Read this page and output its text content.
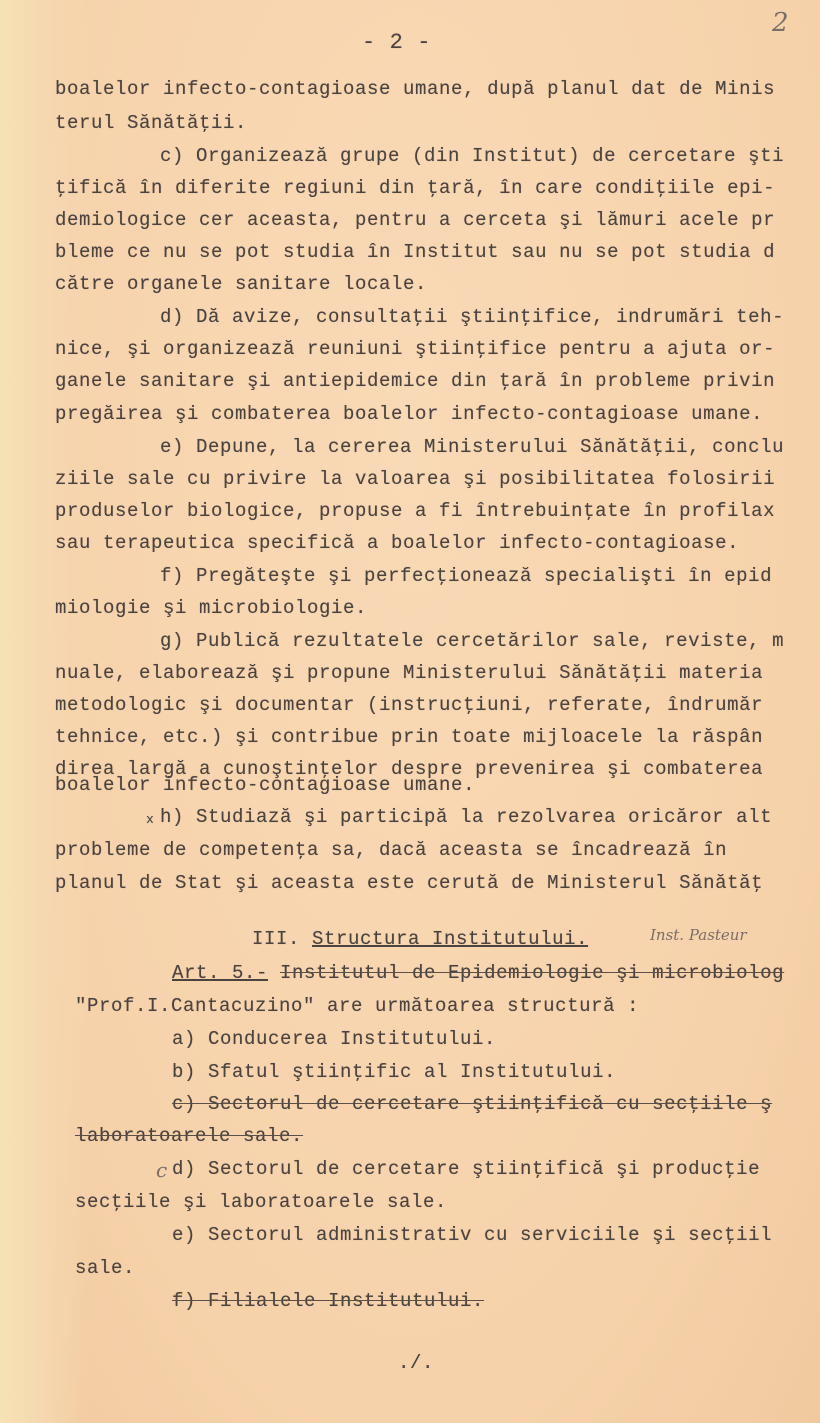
- 2 -
2
boalelor infecto-contagioase umane, după planul dat de Minis
terul Sănătăţii.
c) Organizează grupe (din Institut) de cercetare şti
ţifică în diferite regiuni din ţară, în care condiţiile epi-
demiologice cer aceasta, pentru a cerceta şi lămuri acele pr
bleme ce nu se pot studia în Institut sau nu se pot studia d
către organele sanitare locale.
d) Dă avize, consultaţii ştiinţifice, indrumări teh-
nice, şi organizează reuniuni ştiinţifice pentru a ajuta or-
ganele sanitare şi antiepidemice din ţară în probleme privin
pregăirea şi combaterea boalelor infecto-contagioase umane.
e) Depune, la cererea Ministerului Sănătăţii, conclu
ziile sale cu privire la valoarea şi posibilitatea folosirii
produselor biologice, propuse a fi întrebuinţate în profilax
sau terapeutica specifică a boalelor infecto-contagioase.
f) Pregăteşte şi perfecţionează specialişti în epid
miologie şi microbiologie.
g) Publică rezultatele cercetărilor sale, reviste, m
nuale, elaborează şi propune Ministerului Sănătăţii materia
metodologic şi documentar (instrucţiuni, referate, îndrumăr
tehnice, etc.) şi contribue prin toate mijloacele la răspân
direa largă a cunoştinţelor despre prevenirea şi combaterea
boalelor infecto-contagioase umane.
x h) Studiază şi participă la rezolvarea oricăror alt
probleme de competenţa sa, dacă aceasta se încadrează în
planul de Stat şi aceasta este cerută de Ministerul Sănătăţ
III. Structura Institutului.	Inst. Pasteur
Art. 5.- Institutul de Epidemiologie şi microbiolog
"Prof.I.Cantacuzino" are următoarea structură :
a) Conducerea Institutului.
b) Sfatul ştiinţific al Institutului.
c) Sectorul de cercetare ştiinţifică cu secţiile ş
laboratoarele sale.
c d) Sectorul de cercetare ştiinţifică şi producţie
secţiile şi laboratoarele sale.
e) Sectorul administrativ cu serviciile şi secţiil
sale.
f) Filialele Institutului.
./.
